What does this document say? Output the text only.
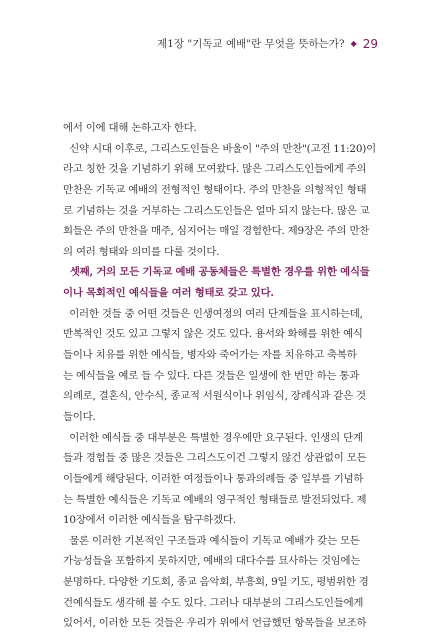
제1장 "기독교 예배"란 무엇을 뜻하는가? ◆ 29
에서 이에 대해 논하고자 한다.
신약 시대 이후로, 그리스도인들은 바울이 "주의 만찬"(고전 11:20)이
라고 칭한 것을 기념하기 위해 모여왔다. 많은 그리스도인들에게 주의
만찬은 기독교 예배의 전형적인 형태이다. 주의 만찬을 의형적인 형태
로 기념하는 것을 거부하는 그리스도인들은 얼마 되지 않는다. 많은 교
회들은 주의 만찬을 매주, 심지어는 매일 경험한다. 제9장은 주의 만찬
의 여러 형태와 의미를 다룰 것이다.
셋째, 거의 모든 기독교 예배 공동체들은 특별한 경우를 위한 예식들
이나 목회적인 예식들을 여러 형태로 갖고 있다.
이러한 것들 중 어떤 것들은 인생여정의 여러 단계들을 표시하는데,
반복적인 것도 있고 그렇지 않은 것도 있다. 용서와 화해를 위한 예식
들이나 치유를 위한 예식들, 병자와 죽어가는 자를 치유하고 축복하
는 예식들을 예로 들 수 있다. 다른 것들은 일생에 한 번만 하는 통과
의례로, 결혼식, 안수식, 종교적 서원식이나 위임식, 장례식과 같은 것
들이다.
이러한 예식들 중 대부분은 특별한 경우에만 요구된다. 인생의 단계
들과 경험들 중 많은 것들은 그리스도이건 그렇지 않건 상관없이 모든
이들에게 해당된다. 이러한 여정들이나 통과의례들 중 일부를 기념하
는 특별한 예식들은 기독교 예배의 영구적인 형태들로 발전되었다. 제
10장에서 이러한 예식들을 탐구하겠다.
물론 이러한 기본적인 구조들과 예식들이 기독교 예배가 갖는 모든
가능성들을 포함하지 못하지만, 예배의 대다수를 묘사하는 것임에는
분명하다. 다양한 기도회, 종교 음악회, 부흥회, 9일 기도, 평범위한 경
건예식들도 생각해 볼 수도 있다. 그러나 대부분의 그리스도인들에게
있어서, 이러한 모든 것들은 우리가 위에서 언급했던 항목들을 보조하
